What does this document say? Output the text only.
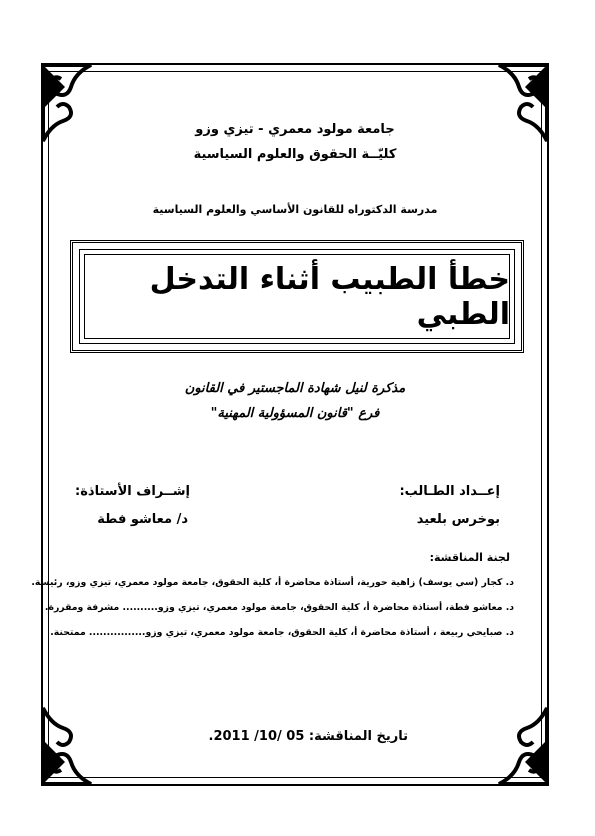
جامعة مولود معمري - تيزي وزو
كليّــة الحقوق والعلوم السياسية
مدرسة الدكتوراه للقانون الأساسي والعلوم السياسية
خطأ الطبيب أثناء التدخل الطبي
مذكرة لنيل شهادة الماجستير في القانون
فرع "قانون المسؤولية المهنية"
إعــداد الطـالب:
بوخرس بلعيد
إشــراف الأستاذة:
د/ معاشو فطة
لجنة المناقشة:
د. كجار (سي يوسف) زاهية حورية، أستاذة محاضرة أ، كلية الحقوق، جامعة مولود معمري، تيزي وزو، رئيسة.
د. معاشو فطة، أستاذة محاضرة أ، كلية الحقوق، جامعة مولود معمري، تيزي وزو.......... مشرفة ومقررة.
د. صبايحي ربيعة ، أستاذة محاضرة أ، كلية الحقوق، جامعة مولود معمري، تيزي وزو................ ممتحنة.
تاريخ المناقشة: 05 /10/ 2011.
